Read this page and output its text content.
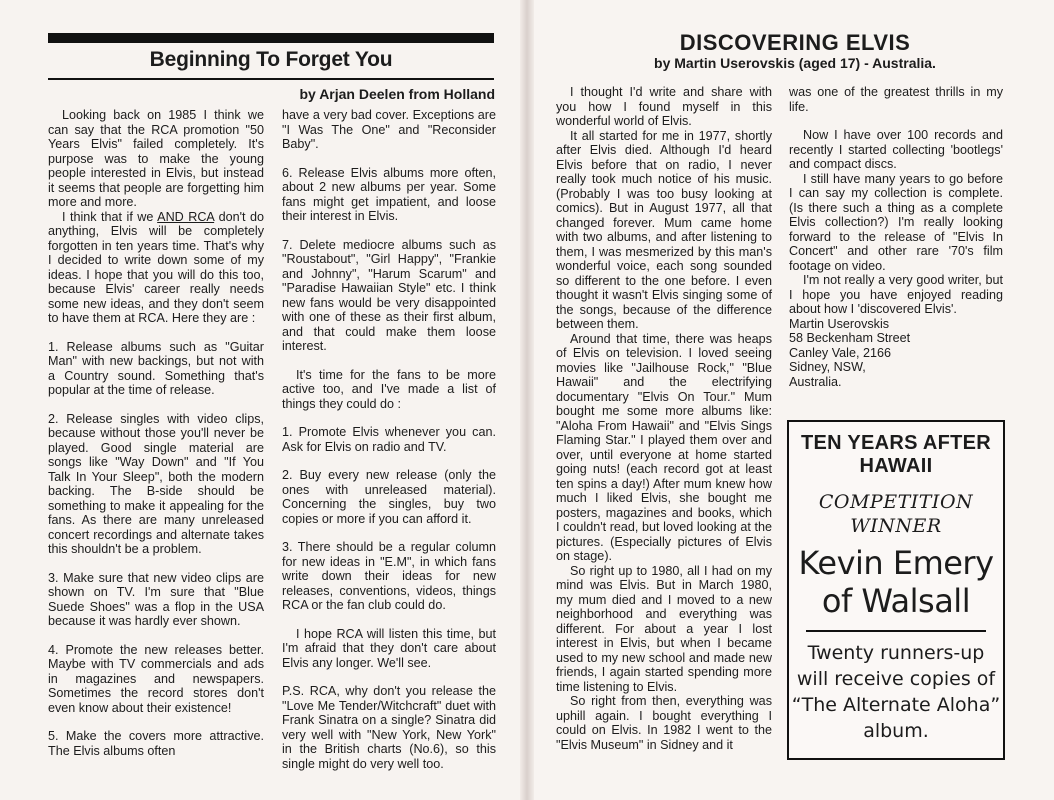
Beginning To Forget You
by Arjan Deelen from Holland

Looking back on 1985 I think we can say that the RCA promotion "50 Years Elvis" failed completely. It's purpose was to make the young people interested in Elvis, but instead it seems that people are forgetting him more and more.

I think that if we AND RCA don't do anything, Elvis will be completely forgotten in ten years time. That's why I decided to write down some of my ideas. I hope that you will do this too, because Elvis' career really needs some new ideas, and they don't seem to have them at RCA. Here they are :

1. Release albums such as "Guitar Man" with new backings, but not with a Country sound. Something that's popular at the time of release.

2. Release singles with video clips, because without those you'll never be played. Good single material are songs like "Way Down" and "If You Talk In Your Sleep", both the modern backing. The B-side should be something to make it appealing for the fans. As there are many unreleased concert recordings and alternate takes this shouldn't be a problem.

3. Make sure that new video clips are shown on TV. I'm sure that "Blue Suede Shoes" was a flop in the USA because it was hardly ever shown.

4. Promote the new releases better. Maybe with TV commercials and ads in magazines and newspapers. Sometimes the record stores don't even know about their existence!

5. Make the covers more attractive. The Elvis albums often

have a very bad cover. Exceptions are "I Was The One" and "Reconsider Baby".

6. Release Elvis albums more often, about 2 new albums per year. Some fans might get impatient, and loose their interest in Elvis.

7. Delete mediocre albums such as "Roustabout", "Girl Happy", "Frankie and Johnny", "Harum Scarum" and "Paradise Hawaiian Style" etc. I think new fans would be very disappointed with one of these as their first album, and that could make them loose interest.

It's time for the fans to be more active too, and I've made a list of things they could do :

1. Promote Elvis whenever you can. Ask for Elvis on radio and TV.

2. Buy every new release (only the ones with unreleased material). Concerning the singles, buy two copies or more if you can afford it.

3. There should be a regular column for new ideas in "E.M", in which fans write down their ideas for new releases, conventions, videos, things RCA or the fan club could do.

I hope RCA will listen this time, but I'm afraid that they don't care about Elvis any longer. We'll see.

P.S. RCA, why don't you release the "Love Me Tender/Witchcraft" duet with Frank Sinatra on a single? Sinatra did very well with "New York, New York" in the British charts (No.6), so this single might do very well too.

DISCOVERING ELVIS
by Martin Userovskis (aged 17) - Australia.

I thought I'd write and share with you how I found myself in this wonderful world of Elvis.

It all started for me in 1977, shortly after Elvis died. Although I'd heard Elvis before that on radio, I never really took much notice of his music. (Probably I was too busy looking at comics). But in August 1977, all that changed forever. Mum came home with two albums, and after listening to them, I was mesmerized by this man's wonderful voice, each song sounded so different to the one before. I even thought it wasn't Elvis singing some of the songs, because of the difference between them.

Around that time, there was heaps of Elvis on television. I loved seeing movies like "Jailhouse Rock," "Blue Hawaii" and the electrifying documentary "Elvis On Tour." Mum bought me some more albums like: "Aloha From Hawaii" and "Elvis Sings Flaming Star." I played them over and over, until everyone at home started going nuts! (each record got at least ten spins a day!) After mum knew how much I liked Elvis, she bought me posters, magazines and books, which I couldn't read, but loved looking at the pictures. (Especially pictures of Elvis on stage).

So right up to 1980, all I had on my mind was Elvis. But in March 1980, my mum died and I moved to a new neighborhood and everything was different. For about a year I lost interest in Elvis, but when I became used to my new school and made new friends, I again started spending more time listening to Elvis.

So right from then, everything was uphill again. I bought everything I could on Elvis. In 1982 I went to the "Elvis Museum" in Sidney and it

was one of the greatest thrills in my life.

Now I have over 100 records and recently I started collecting 'bootlegs' and compact discs.

I still have many years to go before I can say my collection is complete. (Is there such a thing as a complete Elvis collection?) I'm really looking forward to the release of "Elvis In Concert" and other rare '70's film footage on video.

I'm not really a very good writer, but I hope you have enjoyed reading about how I 'discovered Elvis'.

Martin Userovskis

58 Beckenham Street

Canley Vale, 2166

Sidney, NSW,

Australia.

TEN YEARS AFTER HAWAII
COMPETITION WINNER
Kevin Emery of Walsall
Twenty runners-up will receive copies of “The Alternate Aloha” album.
